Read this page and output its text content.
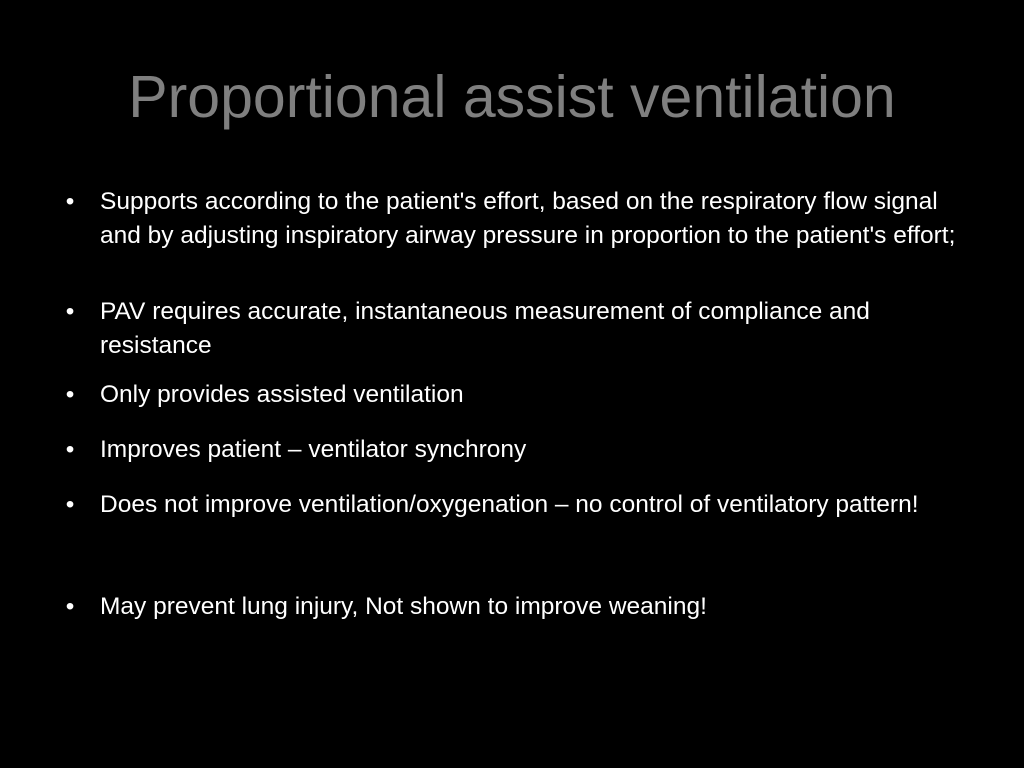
Proportional assist ventilation
• Supports according to the patient's effort, based on the respiratory flow signal and by adjusting inspiratory airway pressure in proportion to the patient's effort;
• PAV requires accurate, instantaneous measurement of compliance and resistance
• Only provides assisted ventilation
• Improves patient – ventilator synchrony
• Does not improve ventilation/oxygenation – no control of ventilatory pattern!
• May prevent lung injury, Not shown to improve weaning!
